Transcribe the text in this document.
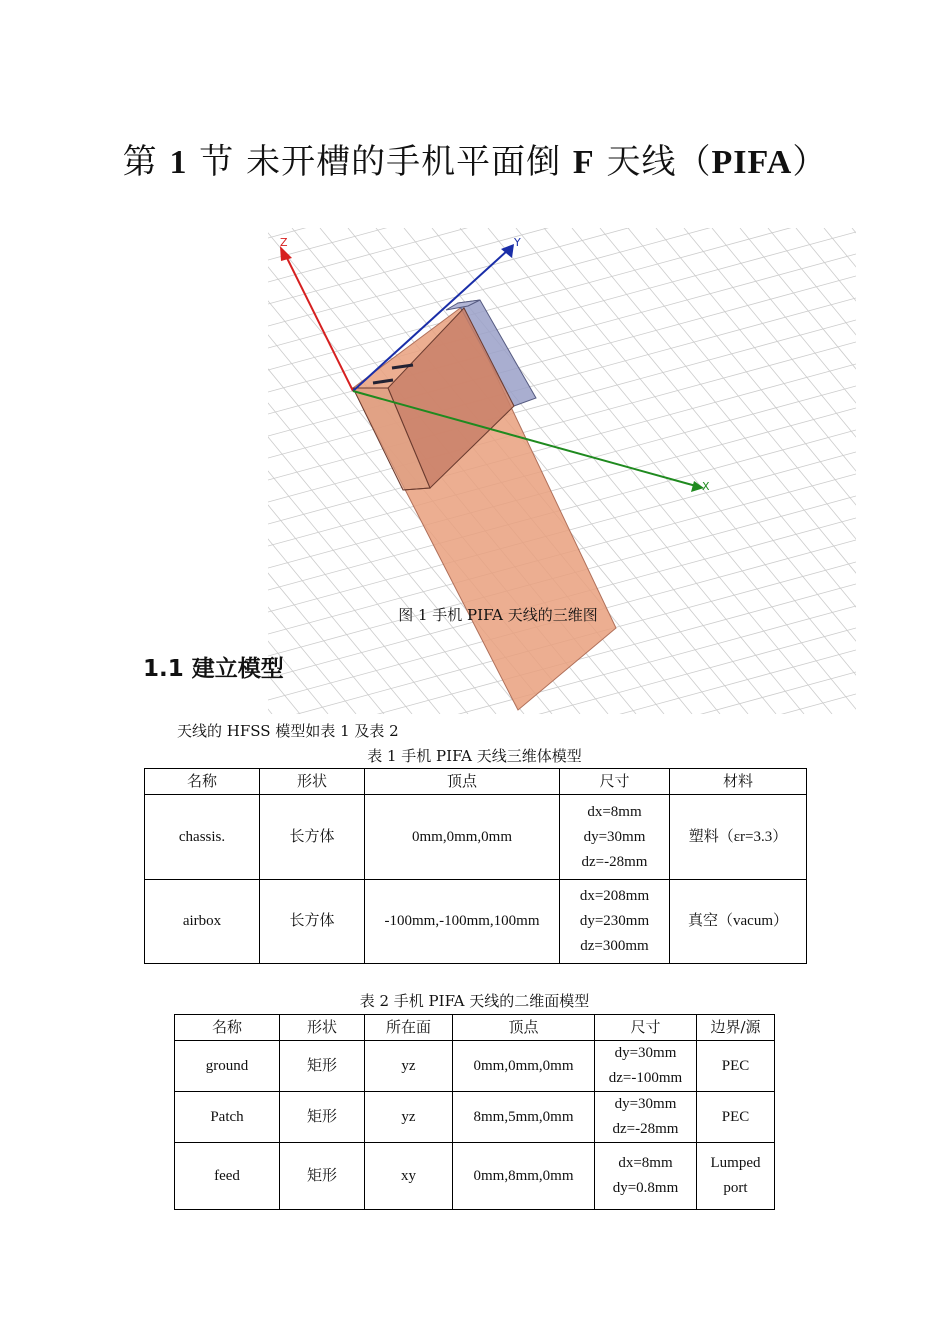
第 1 节 未开槽的手机平面倒 F 天线（PIFA）
Z	Y
X
图 1 手机 PIFA 天线的三维图
1.1 建立模型
天线的 HFSS 模型如表 1 及表 2
表 1 手机 PIFA 天线三维体模型
名称	形状	顶点	尺寸	材料
chassis.	长方体	0mm,0mm,0mm	dx=8mm
dy=30mm
dz=-28mm	塑料（εr=3.3）
airbox	长方体	-100mm,-100mm,100mm	dx=208mm
dy=230mm
dz=300mm	真空（vacum）
表 2 手机 PIFA 天线的二维面模型
名称	形状	所在面	顶点	尺寸	边界/源
ground	矩形	yz	0mm,0mm,0mm	dy=30mm
dz=-100mm	PEC

Patch	矩形	yz	8mm,5mm,0mm	dy=30mm
dz=-28mm	PEC

feed	矩形	xy	0mm,8mm,0mm	dx=8mm
dy=0.8mm	Lumped
port
